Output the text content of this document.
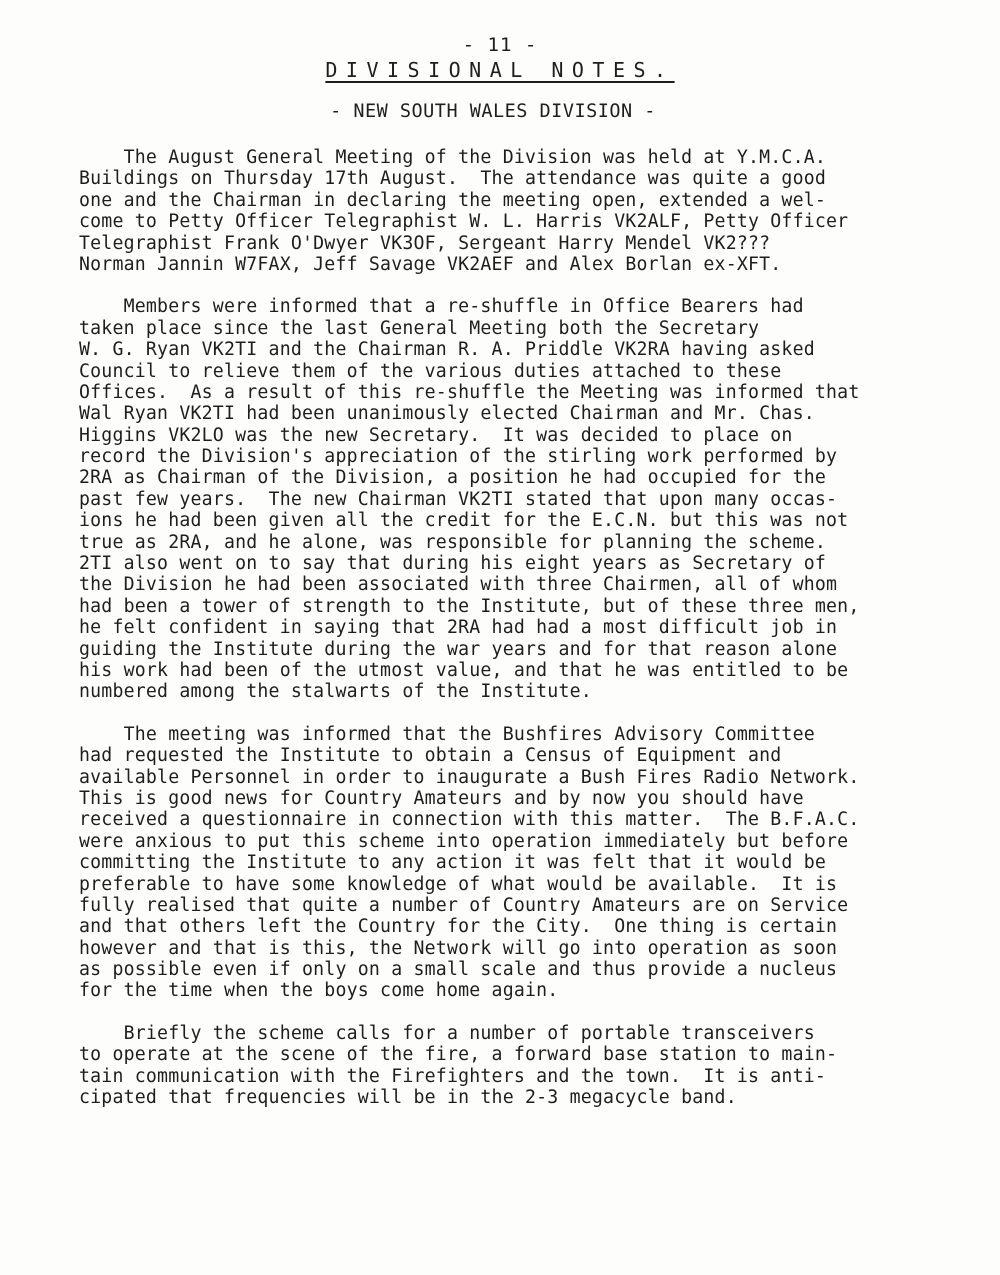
- 11 -
DIVISIONAL NOTES.
- NEW SOUTH WALES DIVISION -
The August General Meeting of the Division was held at Y.M.C.A.
Buildings on Thursday 17th August.  The attendance was quite a good
one and the Chairman in declaring the meeting open, extended a wel-
come to Petty Officer Telegraphist W. L. Harris VK2ALF, Petty Officer
Telegraphist Frank O'Dwyer VK3OF, Sergeant Harry Mendel VK2???
Norman Jannin W7FAX, Jeff Savage VK2AEF and Alex Borlan ex-XFT.
Members were informed that a re-shuffle in Office Bearers had
taken place since the last General Meeting both the Secretary
W. G. Ryan VK2TI and the Chairman R. A. Priddle VK2RA having asked
Council to relieve them of the various duties attached to these
Offices.  As a result of this re-shuffle the Meeting was informed that
Wal Ryan VK2TI had been unanimously elected Chairman and Mr. Chas.
Higgins VK2LO was the new Secretary.  It was decided to place on
record the Division's appreciation of the stirling work performed by
2RA as Chairman of the Division, a position he had occupied for the
past few years.  The new Chairman VK2TI stated that upon many occas-
ions he had been given all the credit for the E.C.N. but this was not
true as 2RA, and he alone, was responsible for planning the scheme.
2TI also went on to say that during his eight years as Secretary of
the Division he had been associated with three Chairmen, all of whom
had been a tower of strength to the Institute, but of these three men,
he felt confident in saying that 2RA had had a most difficult job in
guiding the Institute during the war years and for that reason alone
his work had been of the utmost value, and that he was entitled to be
numbered among the stalwarts of the Institute.
The meeting was informed that the Bushfires Advisory Committee
had requested the Institute to obtain a Census of Equipment and
available Personnel in order to inaugurate a Bush Fires Radio Network.
This is good news for Country Amateurs and by now you should have
received a questionnaire in connection with this matter.  The B.F.A.C.
were anxious to put this scheme into operation immediately but before
committing the Institute to any action it was felt that it would be
preferable to have some knowledge of what would be available.  It is
fully realised that quite a number of Country Amateurs are on Service
and that others left the Country for the City.  One thing is certain
however and that is this, the Network will go into operation as soon
as possible even if only on a small scale and thus provide a nucleus
for the time when the boys come home again.
Briefly the scheme calls for a number of portable transceivers
to operate at the scene of the fire, a forward base station to main-
tain communication with the Firefighters and the town.  It is anti-
cipated that frequencies will be in the 2-3 megacycle band.
